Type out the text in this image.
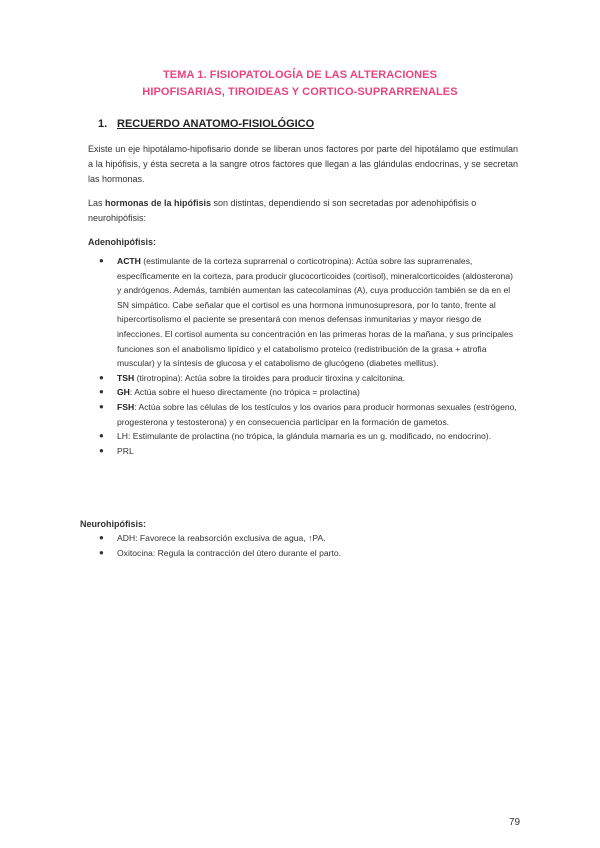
TEMA 1. FISIOPATOLOGÍA DE LAS ALTERACIONES
HIPOFISARIAS, TIROIDEAS Y CORTICO-SUPRARRENALES
1. RECUERDO ANATOMO-FISIOLÓGICO
Existe un eje hipotálamo-hipofisario donde se liberan unos factores por parte del hipotálamo que estimulan a la hipófisis, y ésta secreta a la sangre otros factores que llegan a las glándulas endocrinas, y se secretan las hormonas.
Las hormonas de la hipófisis son distintas, dependiendo si son secretadas por adenohipófisis o neurohipófisis:
Adenohipófisis:
● ACTH (estimulante de la corteza suprarrenal o corticotropina): Actúa sobre las suprarrenales, específicamente en la corteza, para producir glucocorticoides (cortisol), mineralcorticoides (aldosterona) y andrógenos. Además, también aumentan las catecolaminas (A), cuya producción también se da en el SN simpático. Cabe señalar que el cortisol es una hormona inmunosupresora, por lo tanto, frente al hipercortisolismo el paciente se presentará con menos defensas inmunitarias y mayor riesgo de infecciones. El cortisol aumenta su concentración en las primeras horas de la mañana, y sus principales funciones son el anabolismo lipídico y el catabolismo proteico (redistribución de la grasa + atrofia muscular) y la síntesis de glucosa y el catabolismo de glucógeno (diabetes mellitus).
● TSH (tirotropina): Actúa sobre la tiroides para producir tiroxina y calcitonina.
● GH: Actúa sobre el hueso directamente (no trópica = prolactina)
● FSH: Actúa sobre las células de los testículos y los ovarios para producir hormonas sexuales (estrógeno, progesterona y testosterona) y en consecuencia participar en la formación de gametos.
● LH: Estimulante de prolactina (no trópica, la glándula mamaria es un g. modificado, no endocrino).
● PRL
Neurohipófisis:
● ADH: Favorece la reabsorción exclusiva de agua, ↑PA.
● Oxitocina: Regula la contracción del útero durante el parto.
79
